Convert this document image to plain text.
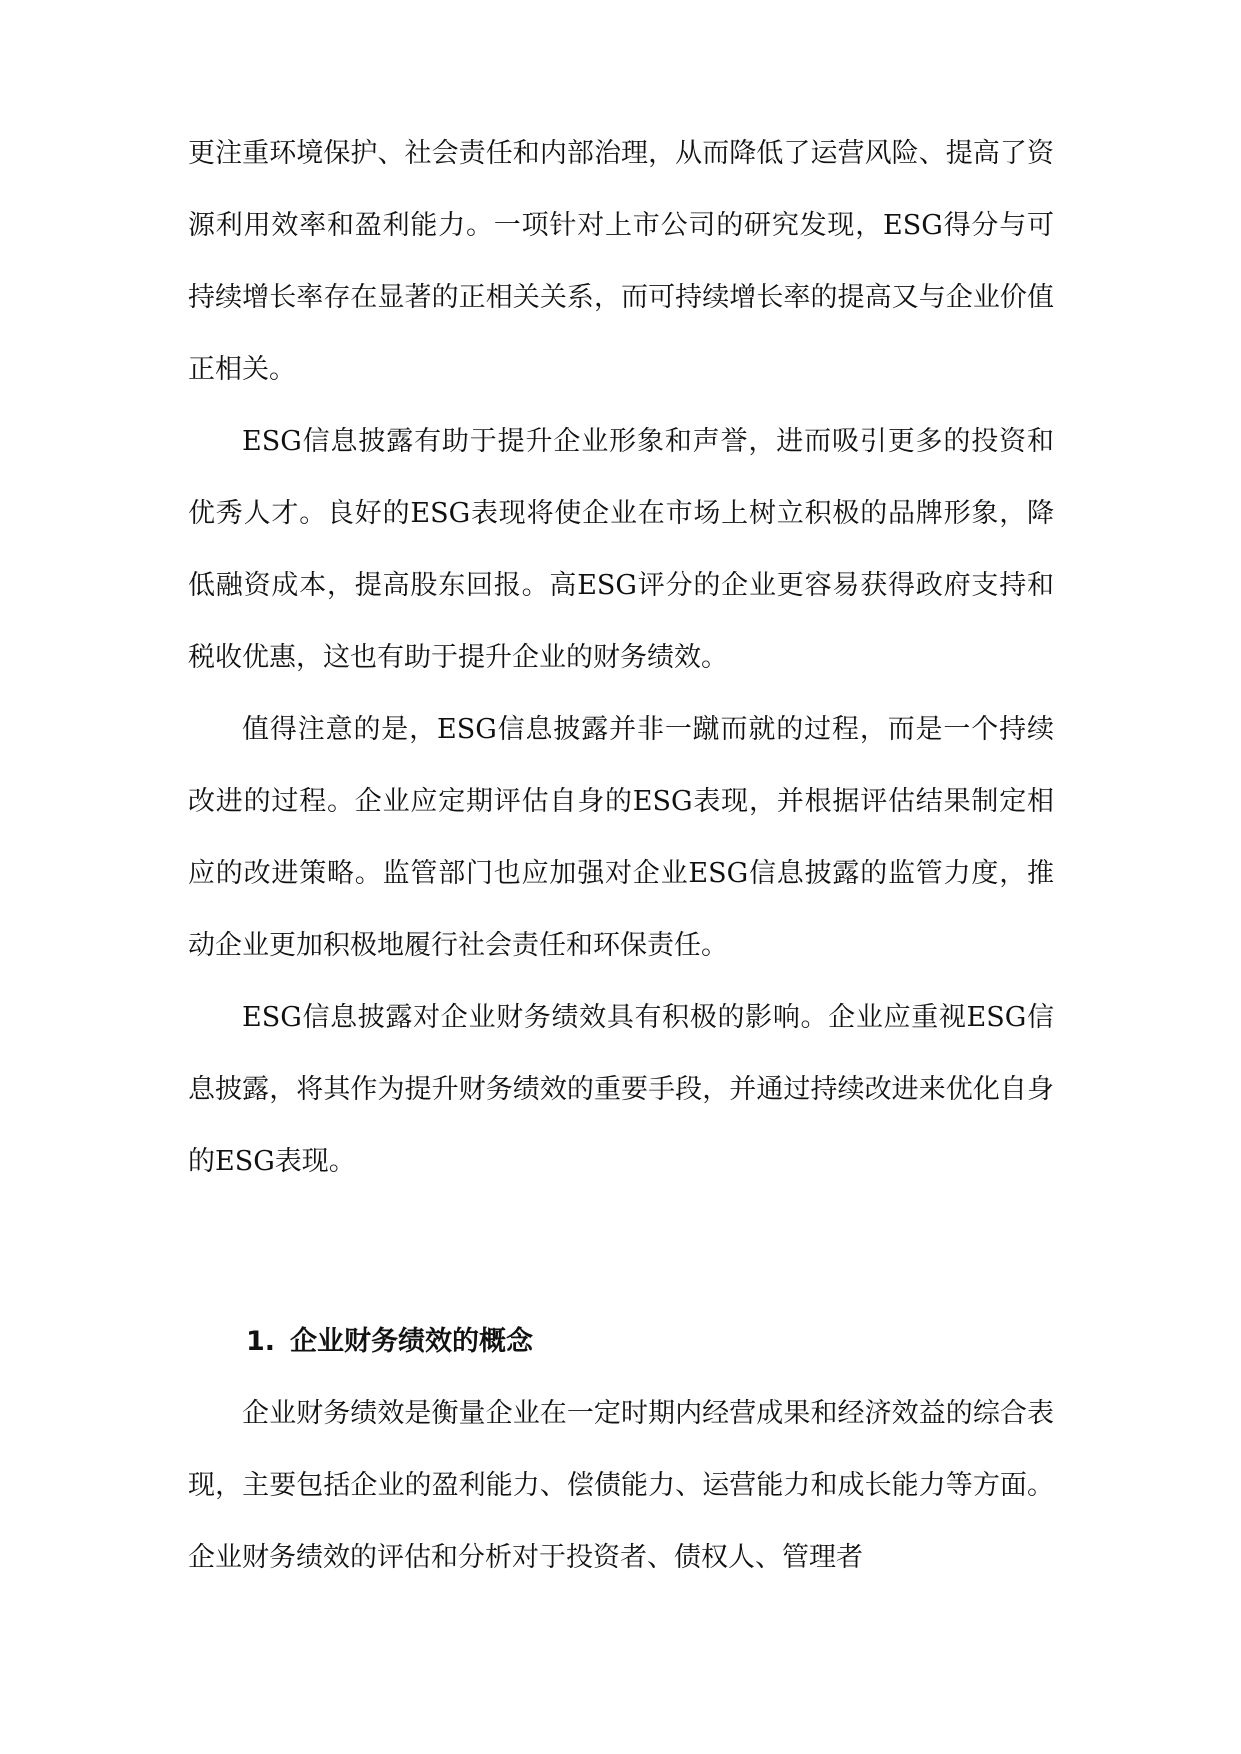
更注重环境保护、社会责任和内部治理，从而降低了运营风险、提高了资源利用效率和盈利能力。一项针对上市公司的研究发现，ESG得分与可持续增长率存在显著的正相关关系，而可持续增长率的提高又与企业价值正相关。

ESG信息披露有助于提升企业形象和声誉，进而吸引更多的投资和优秀人才。良好的ESG表现将使企业在市场上树立积极的品牌形象，降低融资成本，提高股东回报。高ESG评分的企业更容易获得政府支持和税收优惠，这也有助于提升企业的财务绩效。

值得注意的是，ESG信息披露并非一蹴而就的过程，而是一个持续改进的过程。企业应定期评估自身的ESG表现，并根据评估结果制定相应的改进策略。监管部门也应加强对企业ESG信息披露的监管力度，推动企业更加积极地履行社会责任和环保责任。

ESG信息披露对企业财务绩效具有积极的影响。企业应重视ESG信息披露，将其作为提升财务绩效的重要手段，并通过持续改进来优化自身的ESG表现。

1. 企业财务绩效的概念

企业财务绩效是衡量企业在一定时期内经营成果和经济效益的综合表现，主要包括企业的盈利能力、偿债能力、运营能力和成长能力等方面。企业财务绩效的评估和分析对于投资者、债权人、管理者
